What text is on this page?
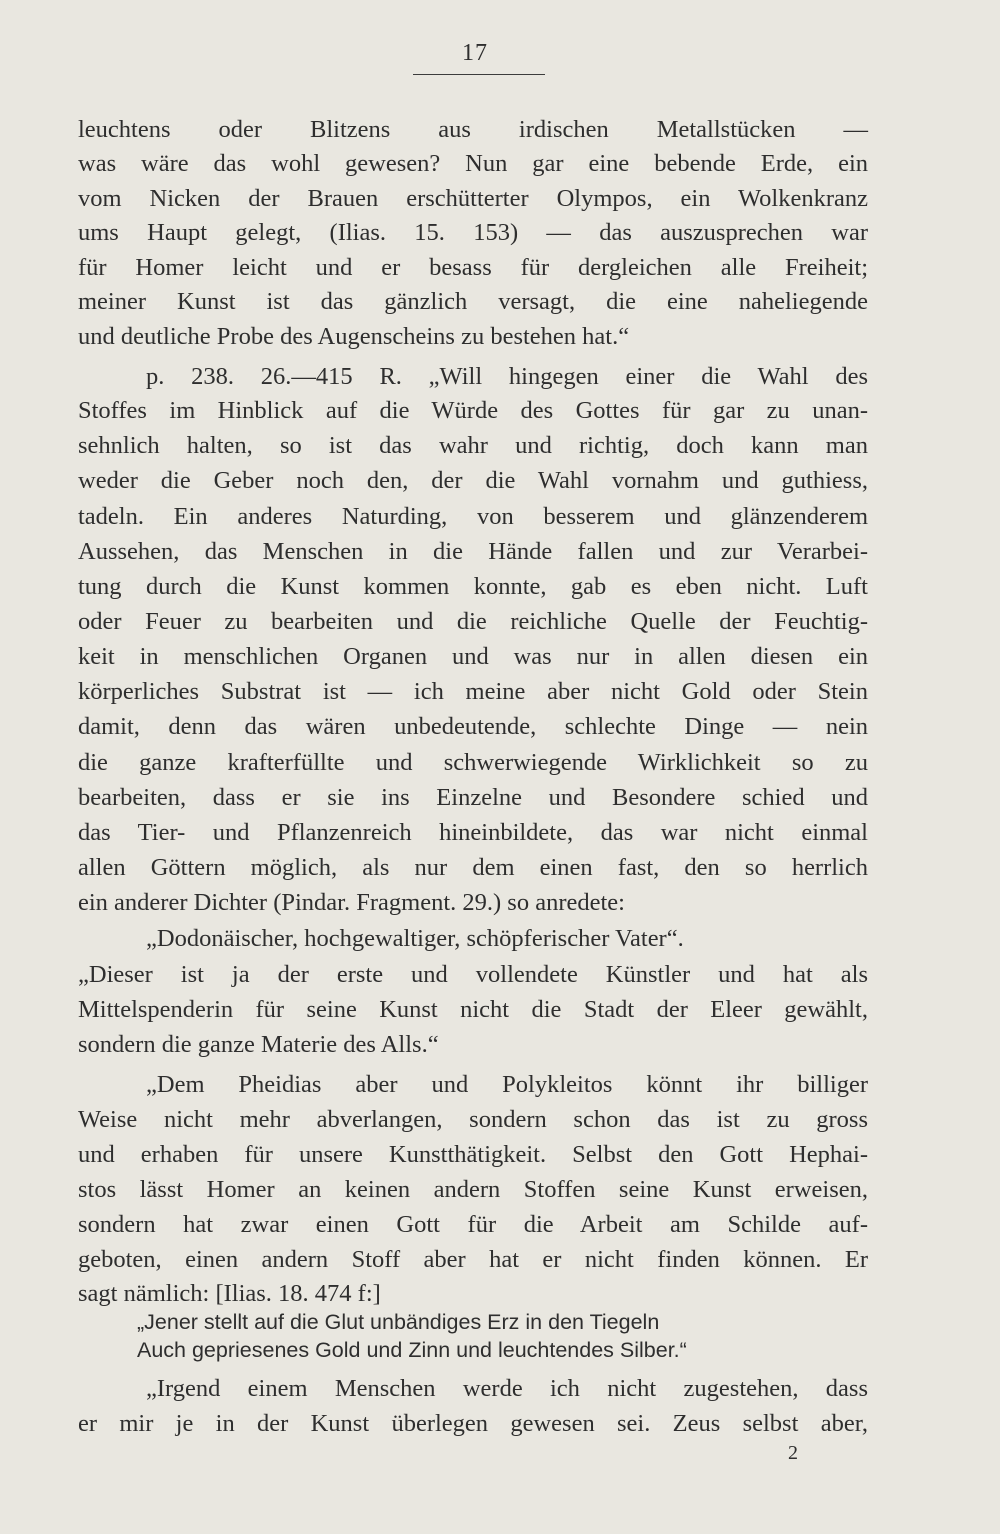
17
leuchtens oder Blitzens aus irdischen Metallstücken —
was wäre das wohl gewesen? Nun gar eine bebende Erde, ein
vom Nicken der Brauen erschütterter Olympos, ein Wolkenkranz
ums Haupt gelegt, (Ilias. 15. 153) — das auszusprechen war
für Homer leicht und er besass für dergleichen alle Freiheit;
meiner Kunst ist das gänzlich versagt, die eine naheliegende
und deutliche Probe des Augenscheins zu bestehen hat.“
p. 238. 26.—415 R. „Will hingegen einer die Wahl des
Stoffes im Hinblick auf die Würde des Gottes für gar zu unan-
sehnlich halten, so ist das wahr und richtig, doch kann man
weder die Geber noch den, der die Wahl vornahm und guthiess,
tadeln. Ein anderes Naturding, von besserem und glänzenderem
Aussehen, das Menschen in die Hände fallen und zur Verarbei-
tung durch die Kunst kommen konnte, gab es eben nicht. Luft
oder Feuer zu bearbeiten und die reichliche Quelle der Feuchtig-
keit in menschlichen Organen und was nur in allen diesen ein
körperliches Substrat ist — ich meine aber nicht Gold oder Stein
damit, denn das wären unbedeutende, schlechte Dinge — nein
die ganze krafterfüllte und schwerwiegende Wirklichkeit so zu
bearbeiten, dass er sie ins Einzelne und Besondere schied und
das Tier- und Pflanzenreich hineinbildete, das war nicht einmal
allen Göttern möglich, als nur dem einen fast, den so herrlich
ein anderer Dichter (Pindar. Fragment. 29.) so anredete:
„Dodonäischer, hochgewaltiger, schöpferischer Vater“.
„Dieser ist ja der erste und vollendete Künstler und hat als
Mittelspenderin für seine Kunst nicht die Stadt der Eleer gewählt,
sondern die ganze Materie des Alls.“
„Dem Pheidias aber und Polykleitos könnt ihr billiger
Weise nicht mehr abverlangen, sondern schon das ist zu gross
und erhaben für unsere Kunstthätigkeit. Selbst den Gott Hephai-
stos lässt Homer an keinen andern Stoffen seine Kunst erweisen,
sondern hat zwar einen Gott für die Arbeit am Schilde auf-
geboten, einen andern Stoff aber hat er nicht finden können. Er
sagt nämlich: [Ilias. 18. 474 f:]
„Jener stellt auf die Glut unbändiges Erz in den Tiegeln
Auch gepriesenes Gold und Zinn und leuchtendes Silber.“
„Irgend einem Menschen werde ich nicht zugestehen, dass
er mir je in der Kunst überlegen gewesen sei. Zeus selbst aber,
2
